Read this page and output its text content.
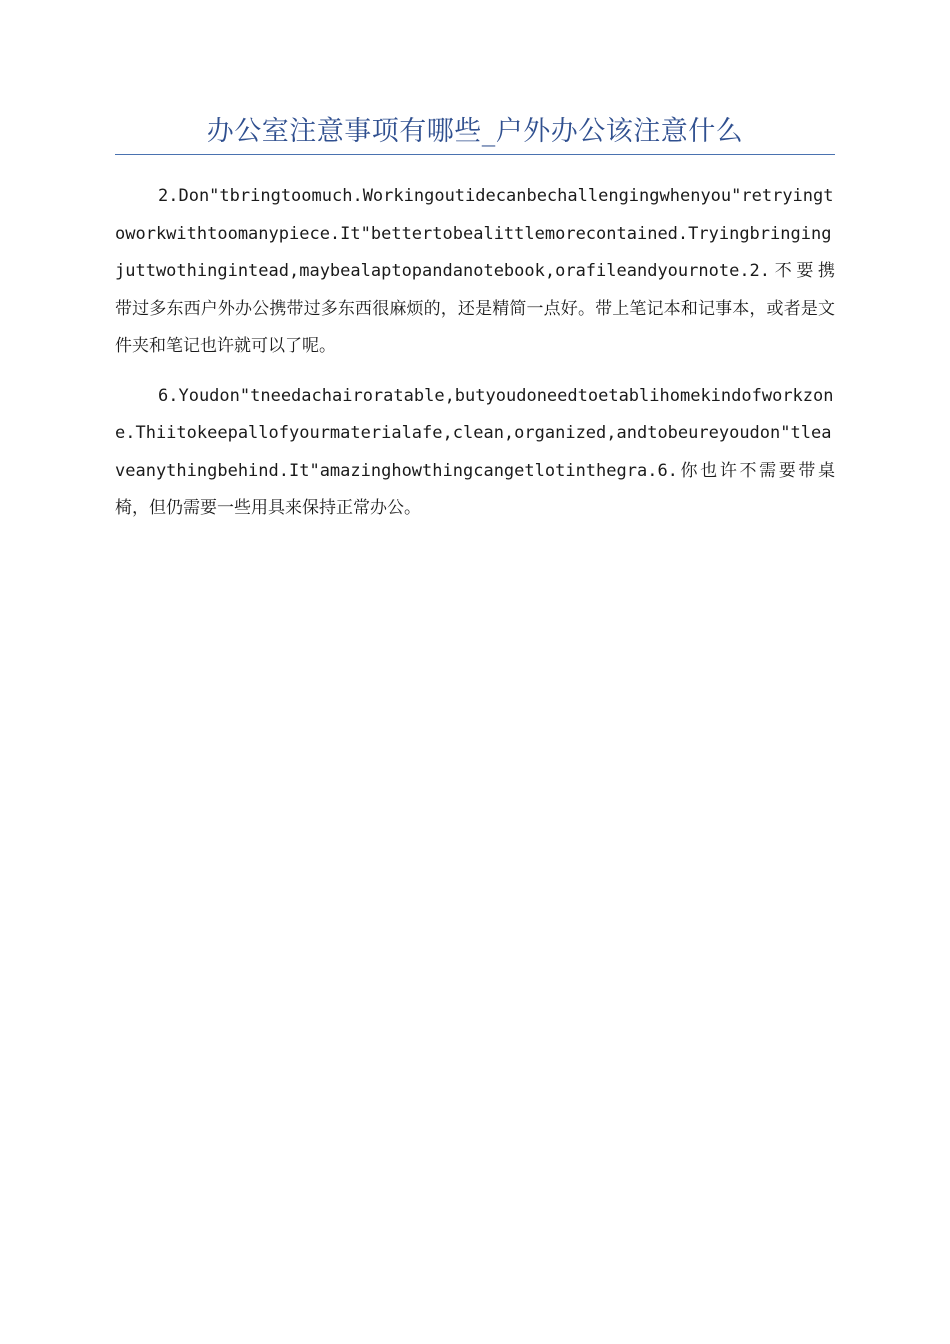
办公室注意事项有哪些_户外办公该注意什么

2.Don"tbringtoomuch.Workingoutidecanbechallengingwhenyou"retryingtoworkwithtoomanypiece.It"bettertobealittlemorecontained.Tryingbringingjuttwothingintead,maybealaptopandanotebook,orafileandyournote.2.不要携带过多东西户外办公携带过多东西很麻烦的，还是精简一点好。带上笔记本和记事本，或者是文件夹和笔记也许就可以了呢。

6.Youdon"tneedachairoratable,butyoudoneedtoetablihomekindofworkzone.Thiitokeepallofyourmaterialafe,clean,organized,andtobeureyoudon"tleaveanythingbehind.It"amazinghowthingcangetlotinthegra.6.你也许不需要带桌椅，但仍需要一些用具来保持正常办公。
